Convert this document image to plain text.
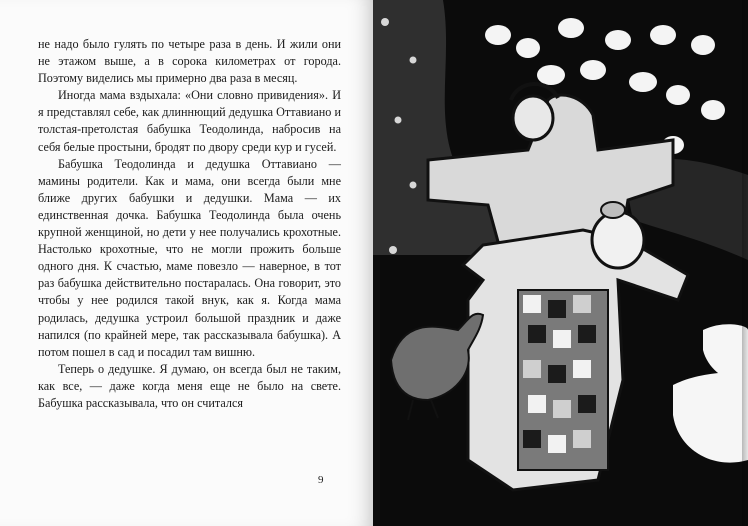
не надо было гулять по четыре раза в день. И жили они не этажом выше, а в сорока километрах от города. Поэтому виделись мы примерно два раза в месяц.

Иногда мама вздыхала: «Они словно привидения». И я представлял себе, как длиннющий дедушка Оттавиано и толстая-претолстая бабушка Теодолинда, набросив на себя белые простыни, бродят по двору среди кур и гусей.

Бабушка Теодолинда и дедушка Оттавиано — мамины родители. Как и мама, они всегда были мне ближе других бабушки и дедушки. Мама — их единственная дочка. Бабушка Теодолинда была очень крупной женщиной, но дети у нее получались крохотные. Настолько крохотные, что не могли прожить больше одного дня. К счастью, маме повезло — наверное, в тот раз бабушка действительно постаралась. Она говорит, это чтобы у нее родился такой внук, как я. Когда мама родилась, дедушка устроил большой праздник и даже напился (по крайней мере, так рассказывала бабушка). А потом пошел в сад и посадил там вишню.

Теперь о дедушке. Я думаю, он всегда был не таким, как все, — даже когда меня еще не было на свете. Бабушка рассказывала, что он считался

9
